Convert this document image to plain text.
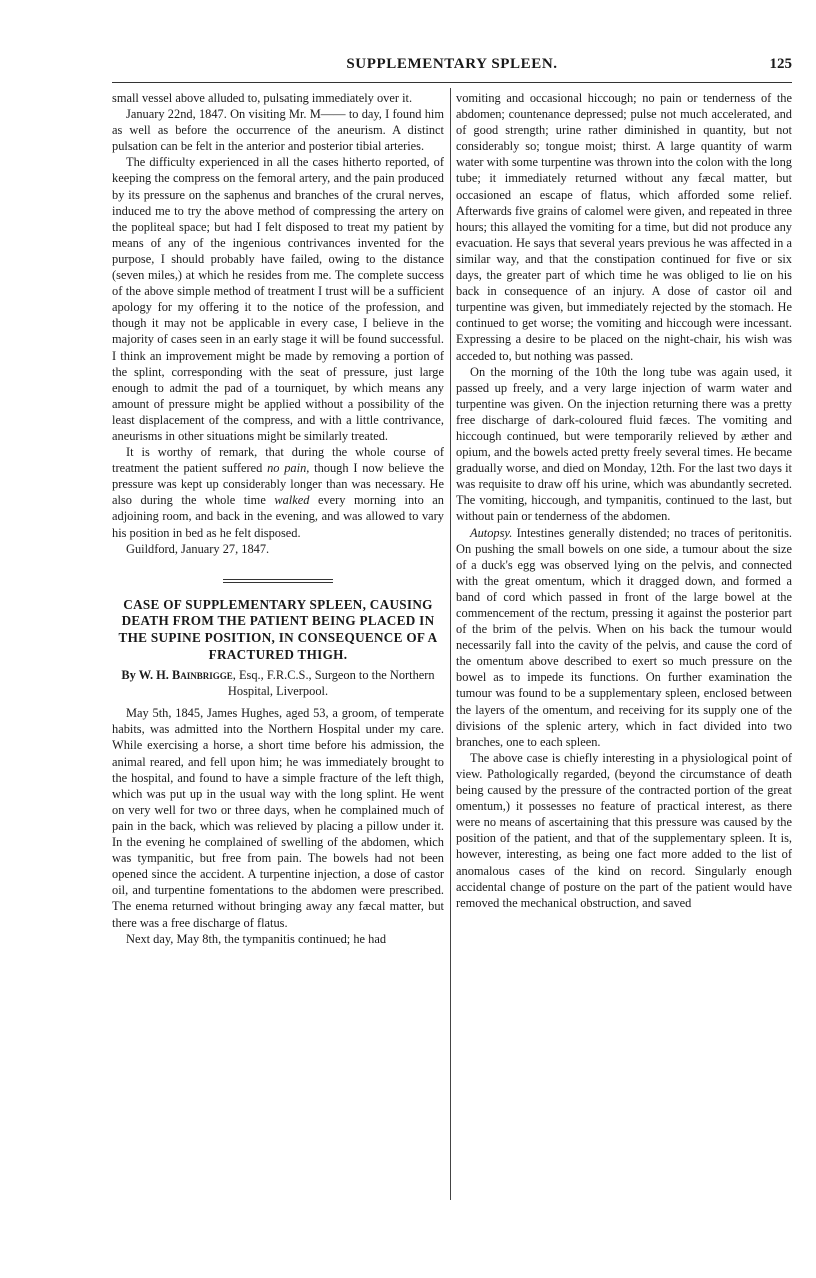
SUPPLEMENTARY SPLEEN.	125

small vessel above alluded to, pulsating immediately over it.

January 22nd, 1847. On visiting Mr. M—— to day, I found him as well as before the occurrence of the aneurism. A distinct pulsation can be felt in the anterior and posterior tibial arteries.

The difficulty experienced in all the cases hitherto reported, of keeping the compress on the femoral artery, and the pain produced by its pressure on the saphenus and branches of the crural nerves, induced me to try the above method of compressing the artery on the popliteal space; but had I felt disposed to treat my patient by means of any of the ingenious contrivances invented for the purpose, I should probably have failed, owing to the distance (seven miles,) at which he resides from me. The complete success of the above simple method of treatment I trust will be a sufficient apology for my offering it to the notice of the profession, and though it may not be applicable in every case, I believe in the majority of cases seen in an early stage it will be found successful. I think an improvement might be made by removing a portion of the splint, corresponding with the seat of pressure, just large enough to admit the pad of a tourniquet, by which means any amount of pressure might be applied without a possibility of the least displacement of the compress, and with a little contrivance, aneurisms in other situations might be similarly treated.

It is worthy of remark, that during the whole course of treatment the patient suffered no pain, though I now believe the pressure was kept up considerably longer than was necessary. He also during the whole time walked every morning into an adjoining room, and back in the evening, and was allowed to vary his position in bed as he felt disposed.

Guildford, January 27, 1847.

CASE OF SUPPLEMENTARY SPLEEN, CAUSING DEATH FROM THE PATIENT BEING PLACED IN THE SUPINE POSITION, IN CONSEQUENCE OF A FRACTURED THIGH.
By W. H. Bainbrigge, Esq., F.R.C.S., Surgeon to the Northern Hospital, Liverpool.

May 5th, 1845, James Hughes, aged 53, a groom, of temperate habits, was admitted into the Northern Hospital under my care. While exercising a horse, a short time before his admission, the animal reared, and fell upon him; he was immediately brought to the hospital, and found to have a simple fracture of the left thigh, which was put up in the usual way with the long splint. He went on very well for two or three days, when he complained much of pain in the back, which was relieved by placing a pillow under it. In the evening he complained of swelling of the abdomen, which was tympanitic, but free from pain. The bowels had not been opened since the accident. A turpentine injection, a dose of castor oil, and turpentine fomentations to the abdomen were prescribed. The enema returned without bringing away any fæcal matter, but there was a free discharge of flatus.

Next day, May 8th, the tympanitis continued; he had

vomiting and occasional hiccough; no pain or tenderness of the abdomen; countenance depressed; pulse not much accelerated, and of good strength; urine rather diminished in quantity, but not considerably so; tongue moist; thirst. A large quantity of warm water with some turpentine was thrown into the colon with the long tube; it immediately returned without any fæcal matter, but occasioned an escape of flatus, which afforded some relief. Afterwards five grains of calomel were given, and repeated in three hours; this allayed the vomiting for a time, but did not produce any evacuation. He says that several years previous he was affected in a similar way, and that the constipation continued for five or six days, the greater part of which time he was obliged to lie on his back in consequence of an injury. A dose of castor oil and turpentine was given, but immediately rejected by the stomach. He continued to get worse; the vomiting and hiccough were incessant. Expressing a desire to be placed on the night-chair, his wish was acceded to, but nothing was passed.

On the morning of the 10th the long tube was again used, it passed up freely, and a very large injection of warm water and turpentine was given. On the injection returning there was a pretty free discharge of dark-coloured fluid fæces. The vomiting and hiccough continued, but were temporarily relieved by æther and opium, and the bowels acted pretty freely several times. He became gradually worse, and died on Monday, 12th. For the last two days it was requisite to draw off his urine, which was abundantly secreted. The vomiting, hiccough, and tympanitis, continued to the last, but without pain or tenderness of the abdomen.

Autopsy. Intestines generally distended; no traces of peritonitis. On pushing the small bowels on one side, a tumour about the size of a duck's egg was observed lying on the pelvis, and connected with the great omentum, which it dragged down, and formed a band of cord which passed in front of the large bowel at the commencement of the rectum, pressing it against the posterior part of the brim of the pelvis. When on his back the tumour would necessarily fall into the cavity of the pelvis, and cause the cord of the omentum above described to exert so much pressure on the bowel as to impede its functions. On further examination the tumour was found to be a supplementary spleen, enclosed between the layers of the omentum, and receiving for its supply one of the divisions of the splenic artery, which in fact divided into two branches, one to each spleen.

The above case is chiefly interesting in a physiological point of view. Pathologically regarded, (beyond the circumstance of death being caused by the pressure of the contracted portion of the great omentum,) it possesses no feature of practical interest, as there were no means of ascertaining that this pressure was caused by the position of the patient, and that of the supplementary spleen. It is, however, interesting, as being one fact more added to the list of anomalous cases of the kind on record. Singularly enough accidental change of posture on the part of the patient would have removed the mechanical obstruction, and saved
